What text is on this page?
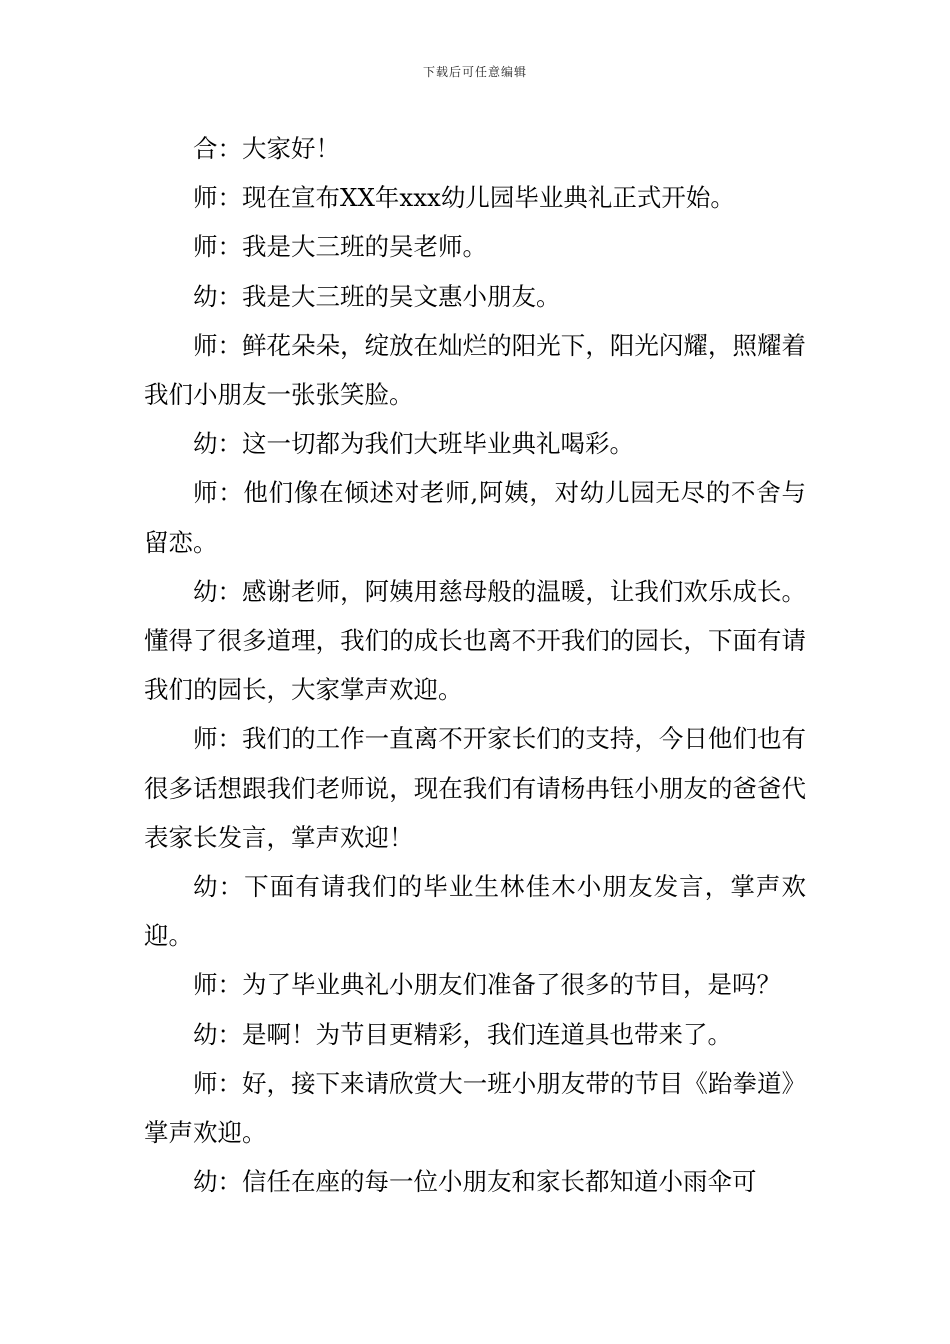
下载后可任意编辑

合：大家好！

师：现在宣布XX年xxx幼儿园毕业典礼正式开始。

师：我是大三班的吴老师。

幼：我是大三班的吴文惠小朋友。

师：鲜花朵朵，绽放在灿烂的阳光下，阳光闪耀，照耀着我们小朋友一张张笑脸。

幼：这一切都为我们大班毕业典礼喝彩。

师：他们像在倾述对老师,阿姨，对幼儿园无尽的不舍与留恋。

幼：感谢老师，阿姨用慈母般的温暖，让我们欢乐成长。懂得了很多道理，我们的成长也离不开我们的园长，下面有请我们的园长，大家掌声欢迎。

师：我们的工作一直离不开家长们的支持，今日他们也有很多话想跟我们老师说，现在我们有请杨冉钰小朋友的爸爸代表家长发言，掌声欢迎！

幼：下面有请我们的毕业生林佳木小朋友发言，掌声欢迎。

师：为了毕业典礼小朋友们准备了很多的节目，是吗？

幼：是啊！为节目更精彩，我们连道具也带来了。

师：好，接下来请欣赏大一班小朋友带的节目《跆拳道》掌声欢迎。

幼：信任在座的每一位小朋友和家长都知道小雨伞可
